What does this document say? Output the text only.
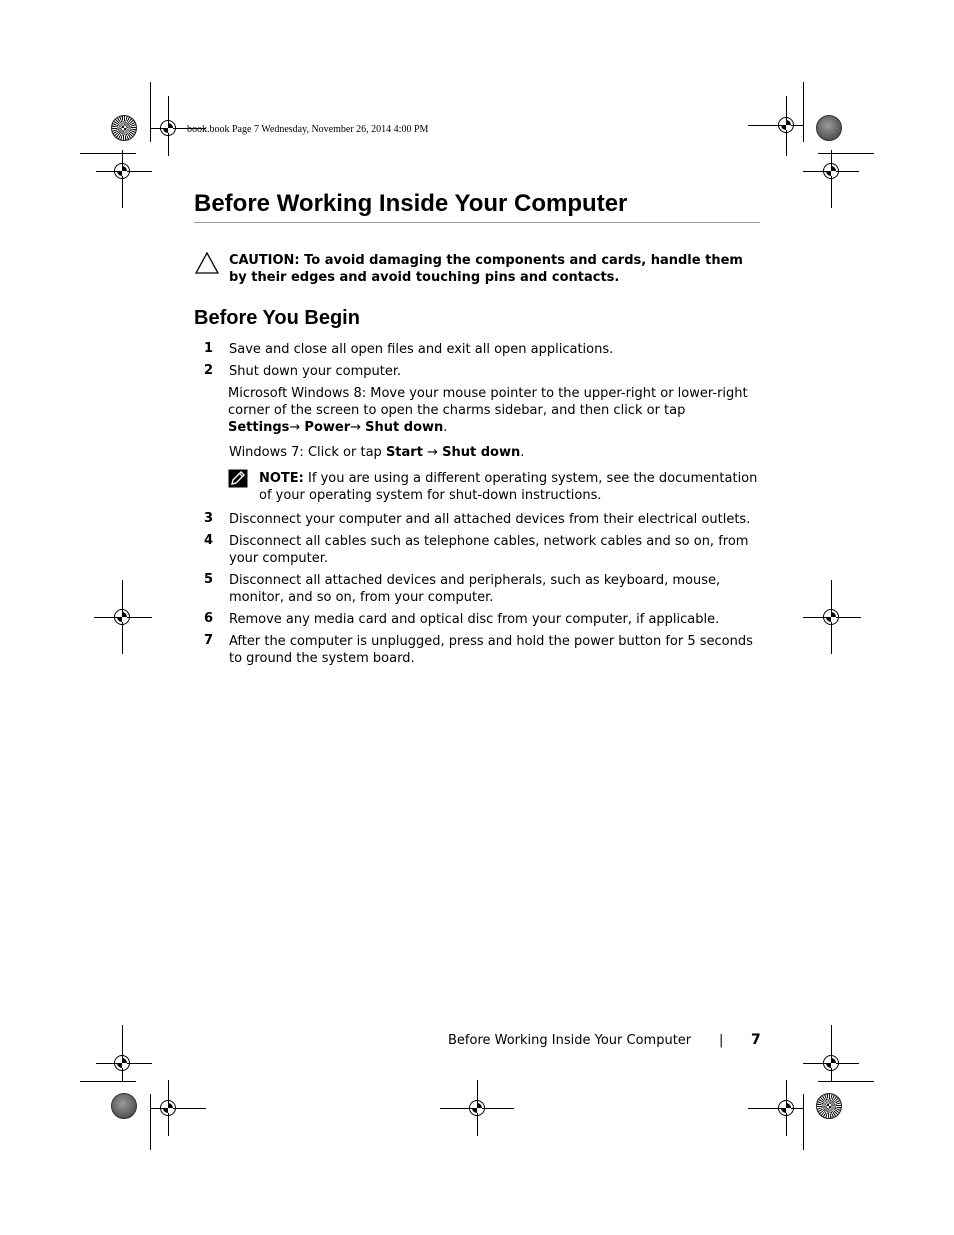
book.book Page 7 Wednesday, November 26, 2014 4:00 PM
Before Working Inside Your Computer
CAUTION: To avoid damaging the components and cards, handle them by their edges and avoid touching pins and contacts.
Before You Begin
1 Save and close all open files and exit all open applications.
2 Shut down your computer.
Microsoft Windows 8: Move your mouse pointer to the upper-right or lower-right corner of the screen to open the charms sidebar, and then click or tap Settings→ Power→ Shut down.
Windows 7: Click or tap Start → Shut down.
NOTE: If you are using a different operating system, see the documentation of your operating system for shut-down instructions.
3 Disconnect your computer and all attached devices from their electrical outlets.
4 Disconnect all cables such as telephone cables, network cables and so on, from your computer.
5 Disconnect all attached devices and peripherals, such as keyboard, mouse, monitor, and so on, from your computer.
6 Remove any media card and optical disc from your computer, if applicable.
7 After the computer is unplugged, press and hold the power button for 5 seconds to ground the system board.
Before Working Inside Your Computer | 7
